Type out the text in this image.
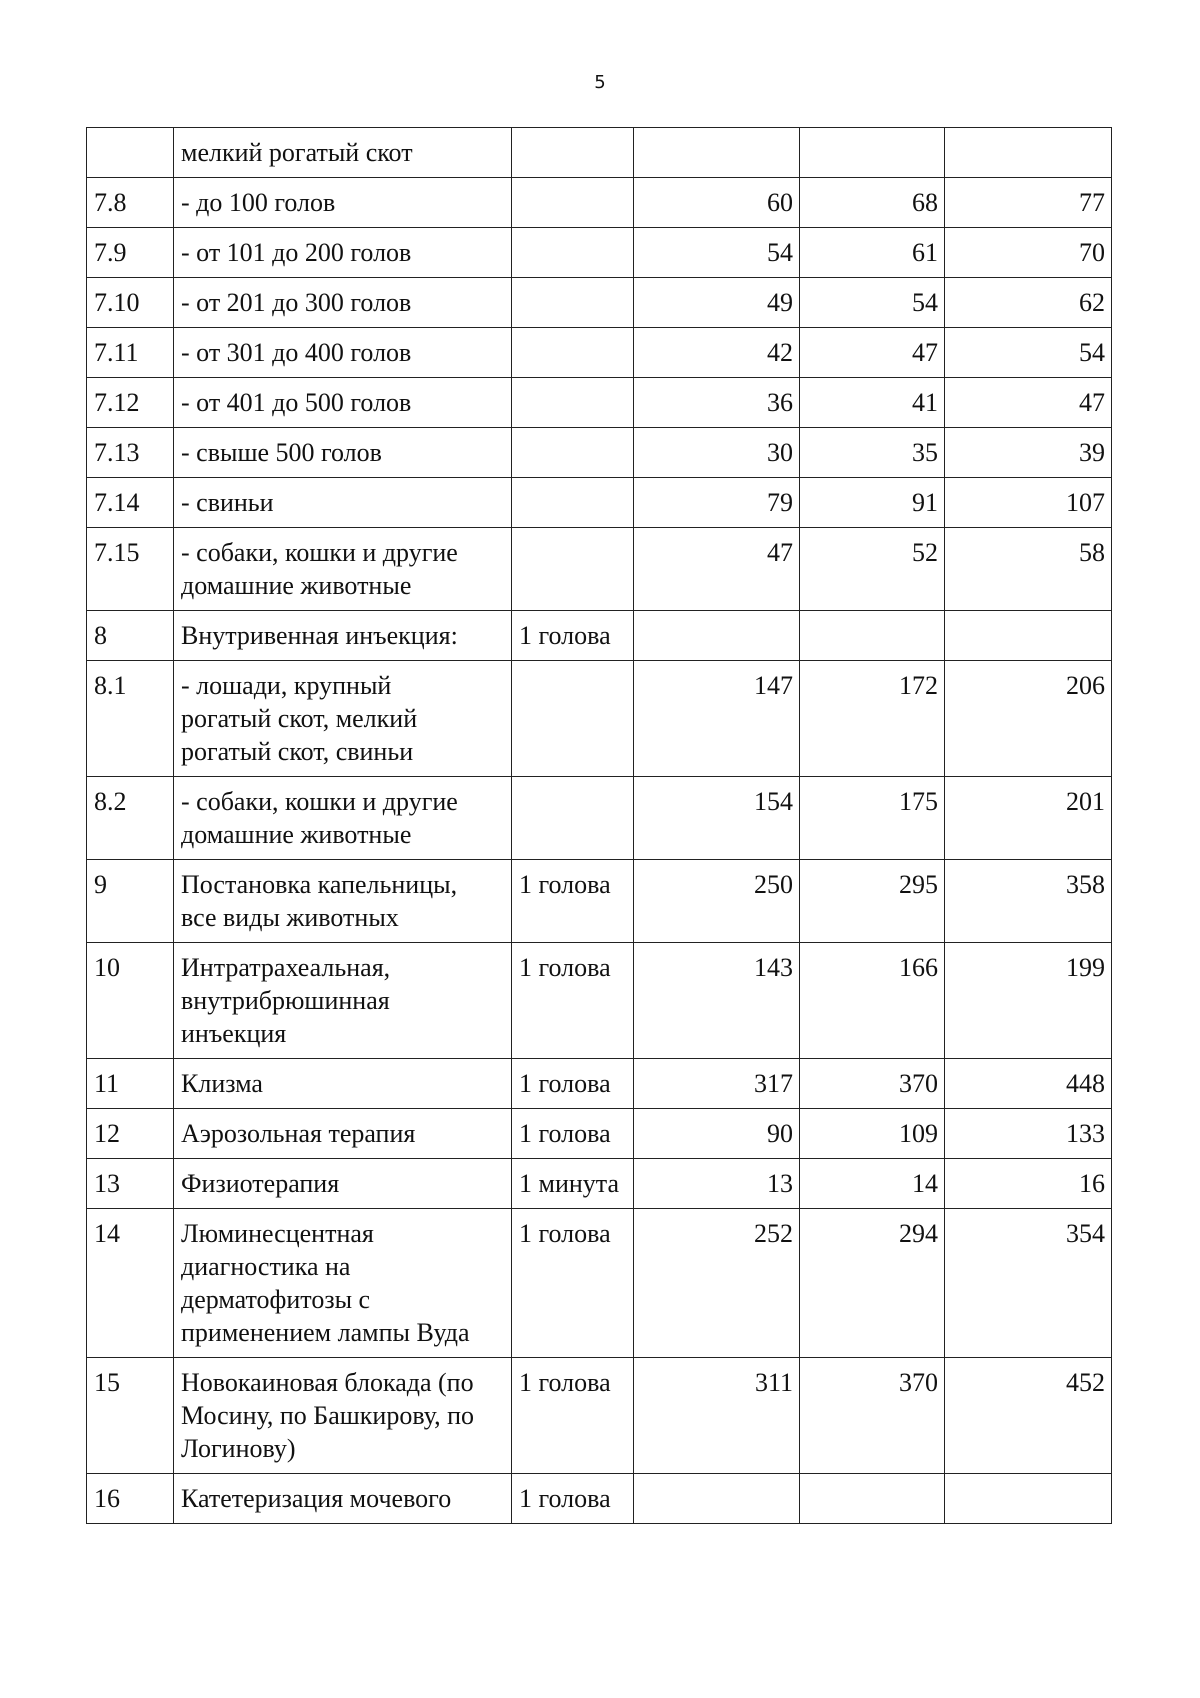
5
	мелкий рогатый скот				
7.8	- до 100 голов		60	68	77
7.9	- от 101 до 200 голов		54	61	70
7.10	- от 201 до 300 голов		49	54	62
7.11	- от 301 до 400 голов		42	47	54
7.12	- от 401 до 500 голов		36	41	47
7.13	- свыше 500 голов		30	35	39
7.14	- свиньи		79	91	107
7.15	- собаки, кошки и другие
домашние животные		47	52	58
8	Внутривенная инъекция:	1 голова			
8.1	- лошади, крупный
рогатый скот, мелкий
рогатый скот, свиньи		147	172	206
8.2	- собаки, кошки и другие
домашние животные		154	175	201
9	Постановка капельницы,
все виды животных	1 голова	250	295	358
10	Интратрахеальная,
внутрибрюшинная
инъекция	1 голова	143	166	199
11	Клизма	1 голова	317	370	448
12	Аэрозольная терапия	1 голова	90	109	133
13	Физиотерапия	1 минута	13	14	16
14	Люминесцентная
диагностика на
дерматофитозы с
применением лампы Вуда	1 голова	252	294	354
15	Новокаиновая блокада (по
Мосину, по Башкирову, по
Логинову)	1 голова	311	370	452
16	Катетеризация мочевого	1 голова			
